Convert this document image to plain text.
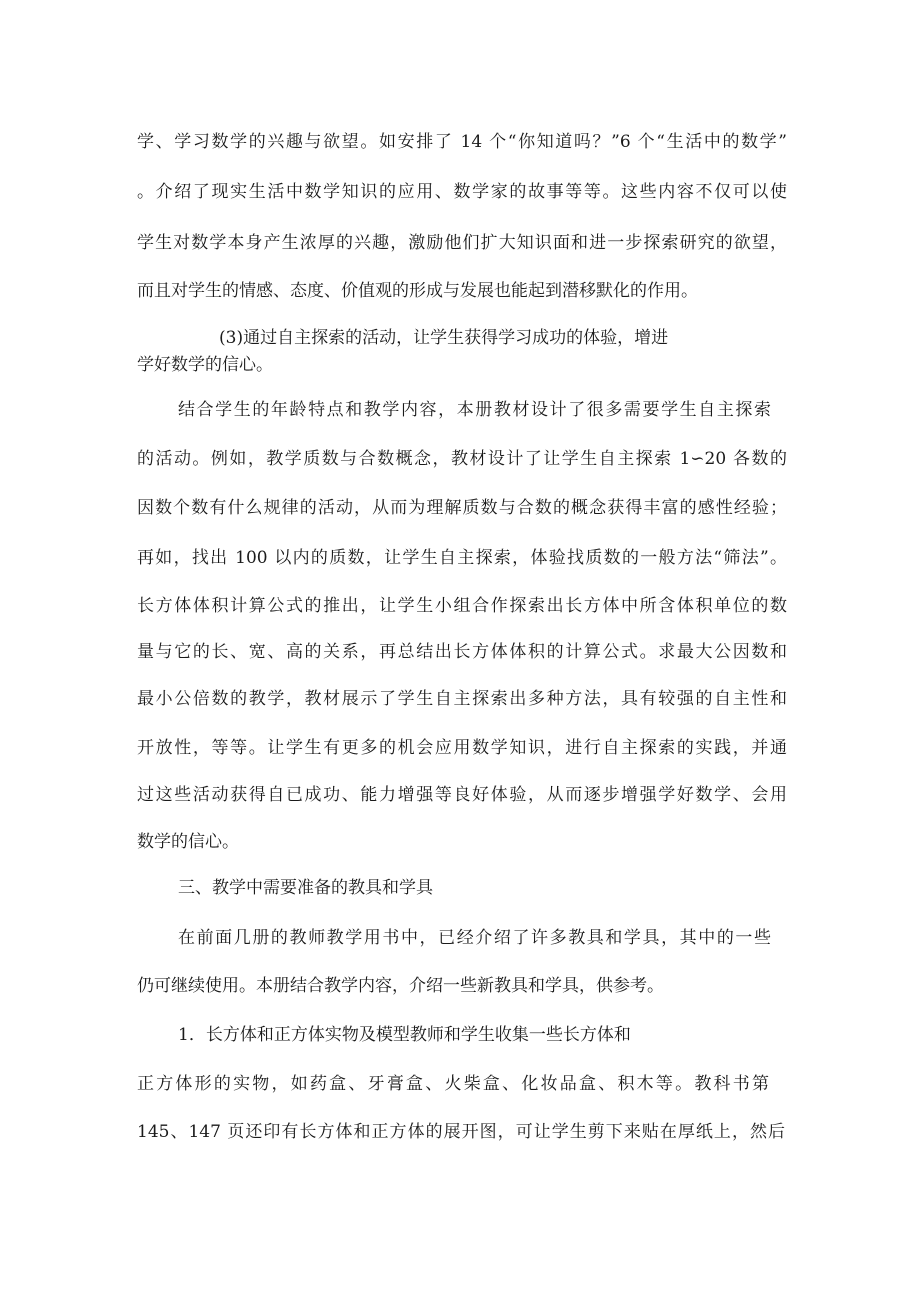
学、学习数学的兴趣与欲望。如安排了 14 个“你知道吗？”6 个“生活中的数学”
。介绍了现实生活中数学知识的应用、数学家的故事等等。这些内容不仅可以使
学生对数学本身产生浓厚的兴趣，激励他们扩大知识面和进一步探索研究的欲望，
而且对学生的情感、态度、价值观的形成与发展也能起到潜移默化的作用。
(3)通过自主探索的活动，让学生获得学习成功的体验，增进
学好数学的信心。
结合学生的年龄特点和教学内容，本册教材设计了很多需要学生自主探索
的活动。例如，教学质数与合数概念，教材设计了让学生自主探索 1∽20 各数的
因数个数有什么规律的活动，从而为理解质数与合数的概念获得丰富的感性经验；
再如，找出 100 以内的质数，让学生自主探索，体验找质数的一般方法“筛法”。
长方体体积计算公式的推出，让学生小组合作探索出长方体中所含体积单位的数
量与它的长、宽、高的关系，再总结出长方体体积的计算公式。求最大公因数和
最小公倍数的教学，教材展示了学生自主探索出多种方法，具有较强的自主性和
开放性，等等。让学生有更多的机会应用数学知识，进行自主探索的实践，并通
过这些活动获得自已成功、能力增强等良好体验，从而逐步增强学好数学、会用
数学的信心。
三、教学中需要准备的教具和学具
在前面几册的教师教学用书中，已经介绍了许多教具和学具，其中的一些
仍可继续使用。本册结合教学内容，介绍一些新教具和学具，供参考。
1．长方体和正方体实物及模型教师和学生收集一些长方体和
正方体形的实物，如药盒、牙膏盒、火柴盒、化妆品盒、积木等。教科书第
145、147 页还印有长方体和正方体的展开图，可让学生剪下来贴在厚纸上，然后
